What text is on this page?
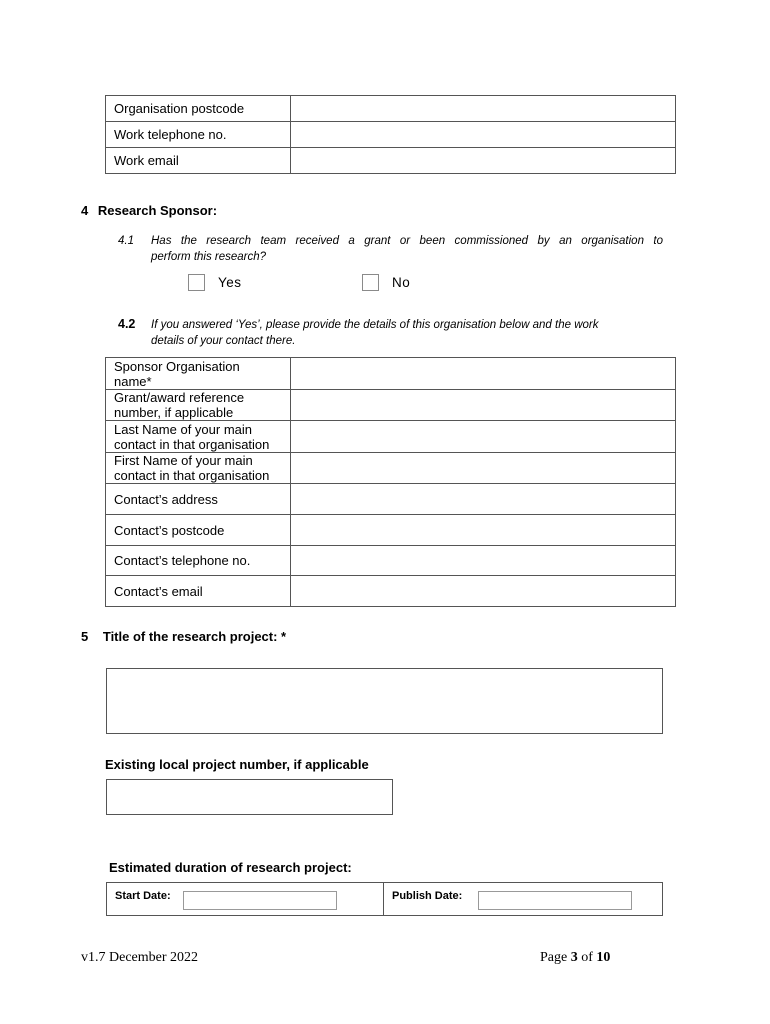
Organisation postcode	
Work telephone no.	
Work email	
4 Research Sponsor:
4.1 Has the research team received a grant or been commissioned by an organisation to
perform this research?
Yes	No
4.2 If you answered ‘Yes’, please provide the details of this organisation below and the work
details of your contact there.
Sponsor Organisation
name*	

Grant/award reference
number, if applicable	

Last Name of your main
contact in that organisation	

First Name of your main
contact in that organisation	

Contact’s address	
Contact’s postcode	
Contact’s telephone no.	
Contact’s email	
5 Title of the research project: *
Existing local project number, if applicable
Estimated duration of research project:
Start Date:	Publish Date:
v1.7 December 2022	Page 3 of 10
